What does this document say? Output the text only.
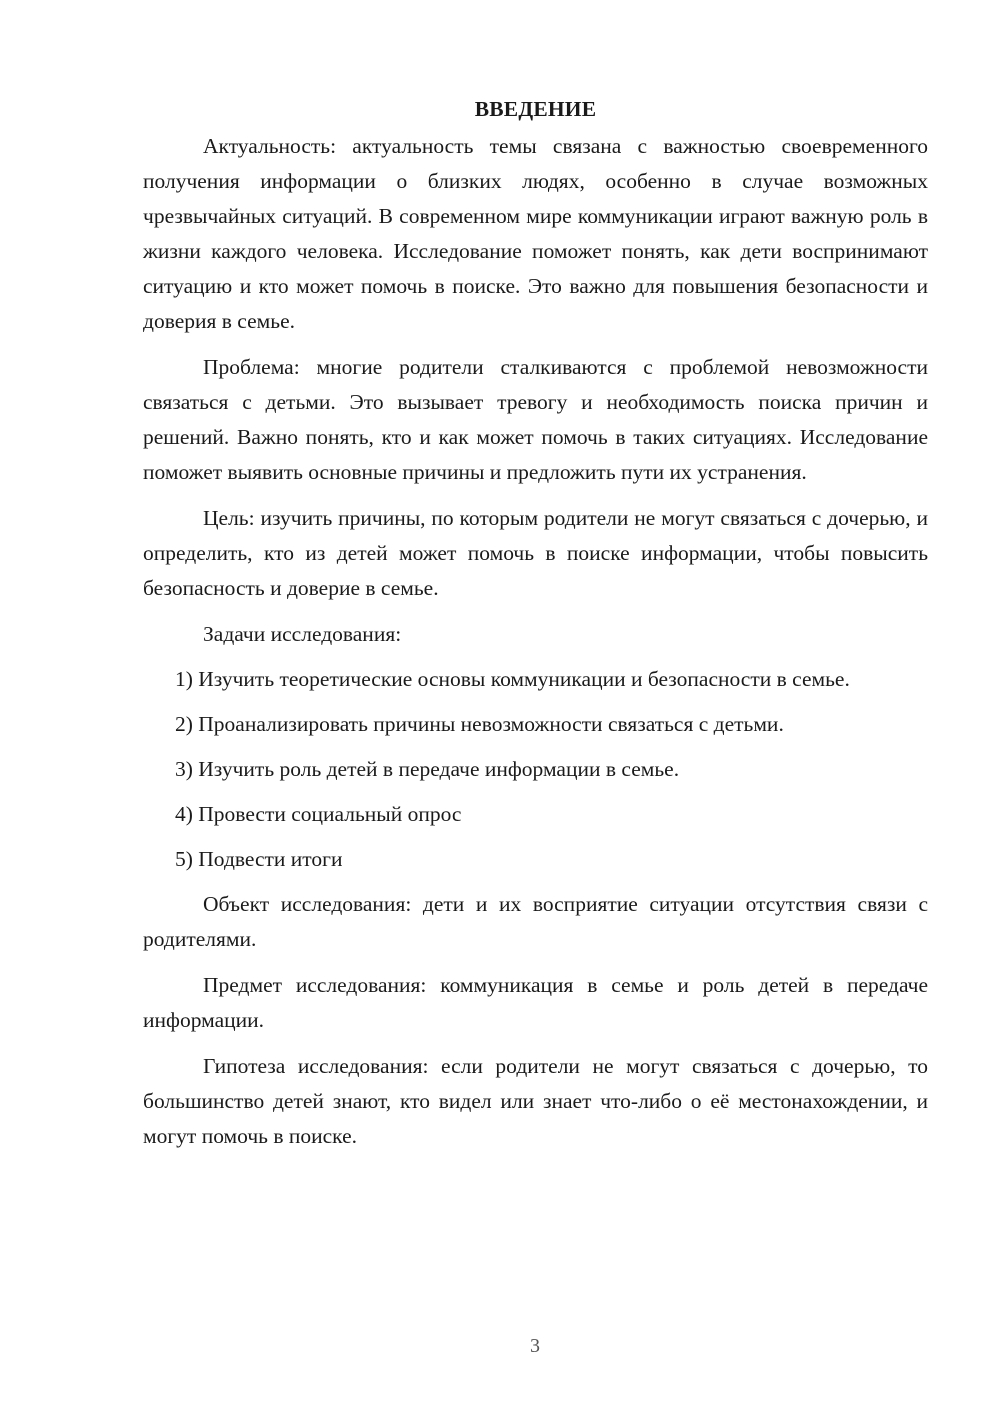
ВВЕДЕНИЕ

Актуальность: актуальность темы связана с важностью своевременного получения информации о близких людях, особенно в случае возможных чрезвычайных ситуаций. В современном мире коммуникации играют важную роль в жизни каждого человека. Исследование поможет понять, как дети воспринимают ситуацию и кто может помочь в поиске. Это важно для повышения безопасности и доверия в семье.

Проблема: многие родители сталкиваются с проблемой невозможности связаться с детьми. Это вызывает тревогу и необходимость поиска причин и решений. Важно понять, кто и как может помочь в таких ситуациях. Исследование поможет выявить основные причины и предложить пути их устранения.

Цель: изучить причины, по которым родители не могут связаться с дочерью, и определить, кто из детей может помочь в поиске информации, чтобы повысить безопасность и доверие в семье.

Задачи исследования:

1) Изучить теоретические основы коммуникации и безопасности в семье.

2) Проанализировать причины невозможности связаться с детьми.

3) Изучить роль детей в передаче информации в семье.

4) Провести социальный опрос

5) Подвести итоги

Объект исследования: дети и их восприятие ситуации отсутствия связи с родителями.

Предмет исследования: коммуникация в семье и роль детей в передаче информации.

Гипотеза исследования: если родители не могут связаться с дочерью, то большинство детей знают, кто видел или знает что-либо о её местонахождении, и могут помочь в поиске.

3
